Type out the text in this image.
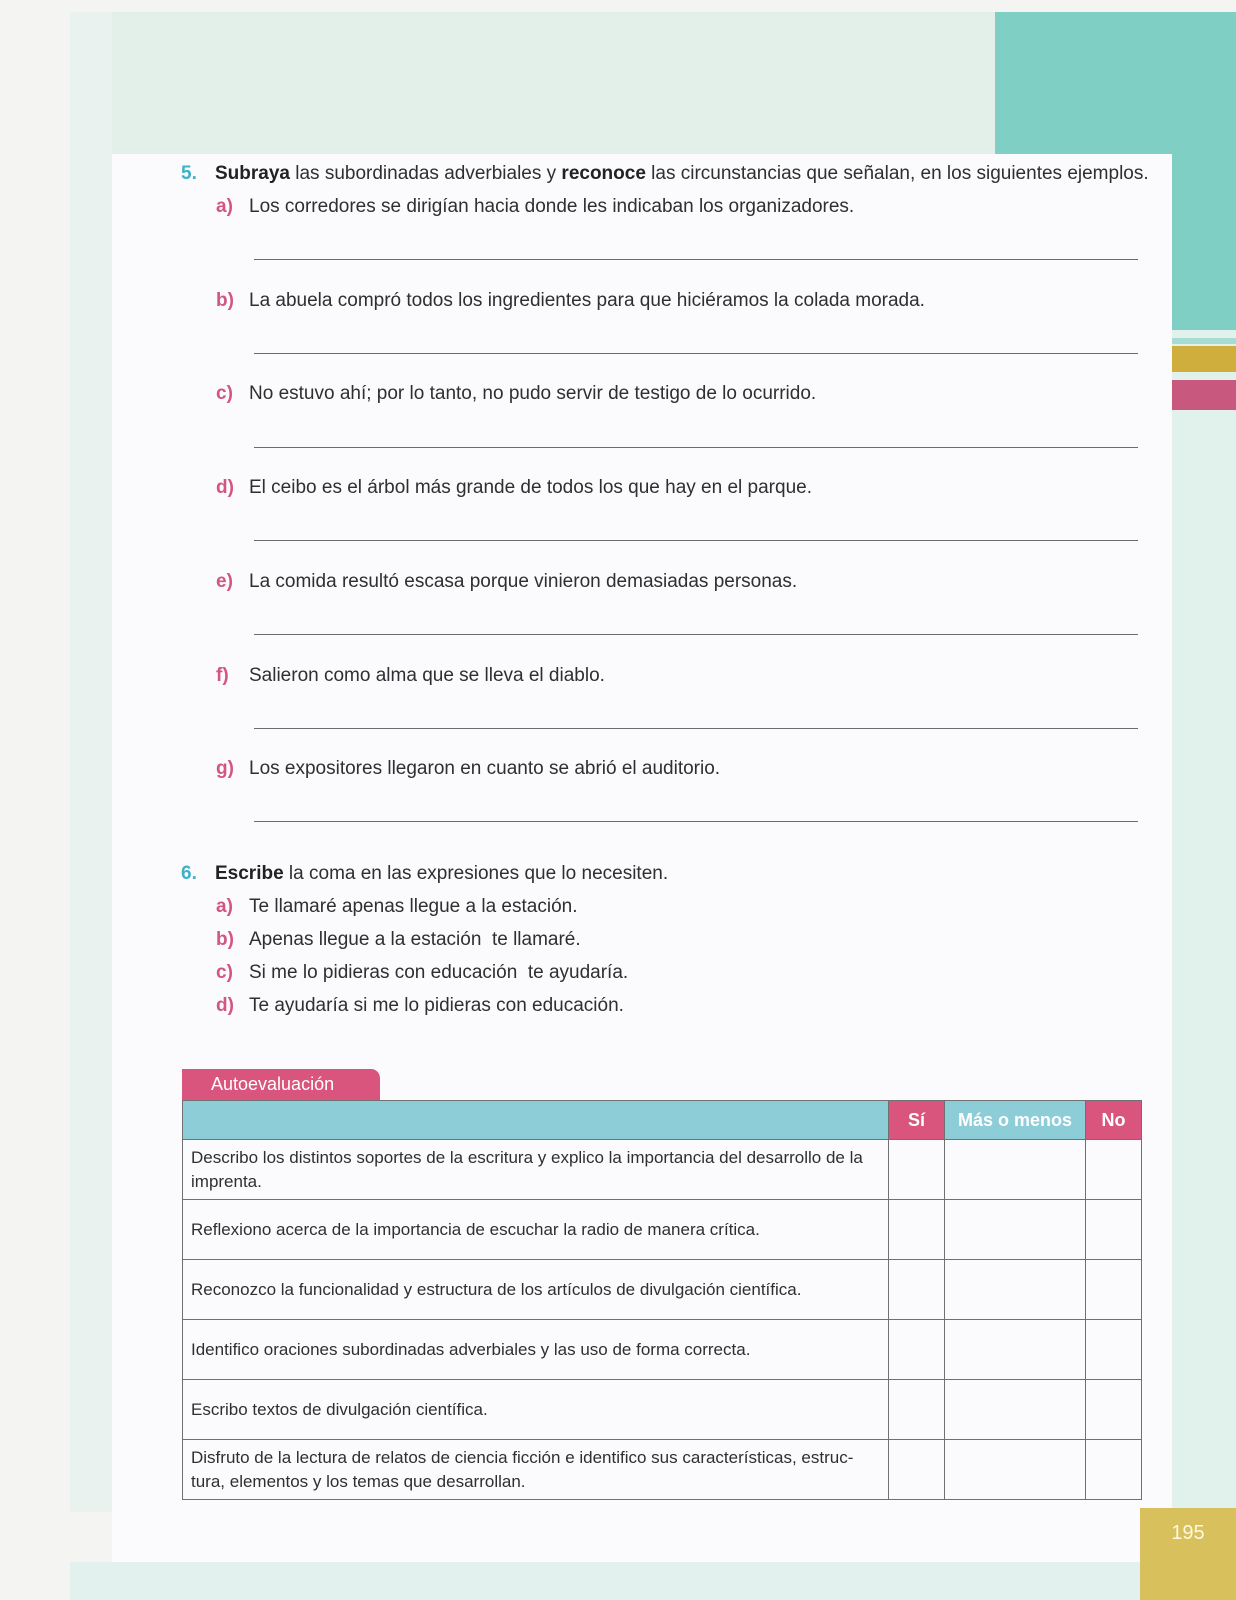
5. Subraya las subordinadas adverbiales y reconoce las circunstancias que señalan, en los siguientes ejemplos.
a) Los corredores se dirigían hacia donde les indicaban los organizadores.
b) La abuela compró todos los ingredientes para que hiciéramos la colada morada.
c) No estuvo ahí; por lo tanto, no pudo servir de testigo de lo ocurrido.
d) El ceibo es el árbol más grande de todos los que hay en el parque.
e) La comida resultó escasa porque vinieron demasiadas personas.
f) Salieron como alma que se lleva el diablo.
g) Los expositores llegaron en cuanto se abrió el auditorio.
6. Escribe la coma en las expresiones que lo necesiten.
a) Te llamaré apenas llegue a la estación.
b) Apenas llegue a la estación  te llamaré.
c) Si me lo pidieras con educación  te ayudaría.
d) Te ayudaría si me lo pidieras con educación.
Autoevaluación
	Sí	Más o menos	No
Describo los distintos soportes de la escritura y explico la importancia del desarrollo de la imprenta.			
Reflexiono acerca de la importancia de escuchar la radio de manera crítica.			
Reconozco la funcionalidad y estructura de los artículos de divulgación científica.			
Identifico oraciones subordinadas adverbiales y las uso de forma correcta.			
Escribo textos de divulgación científica.			
Disfruto de la lectura de relatos de ciencia ficción e identifico sus características, estruc-tura, elementos y los temas que desarrollan.			
195
